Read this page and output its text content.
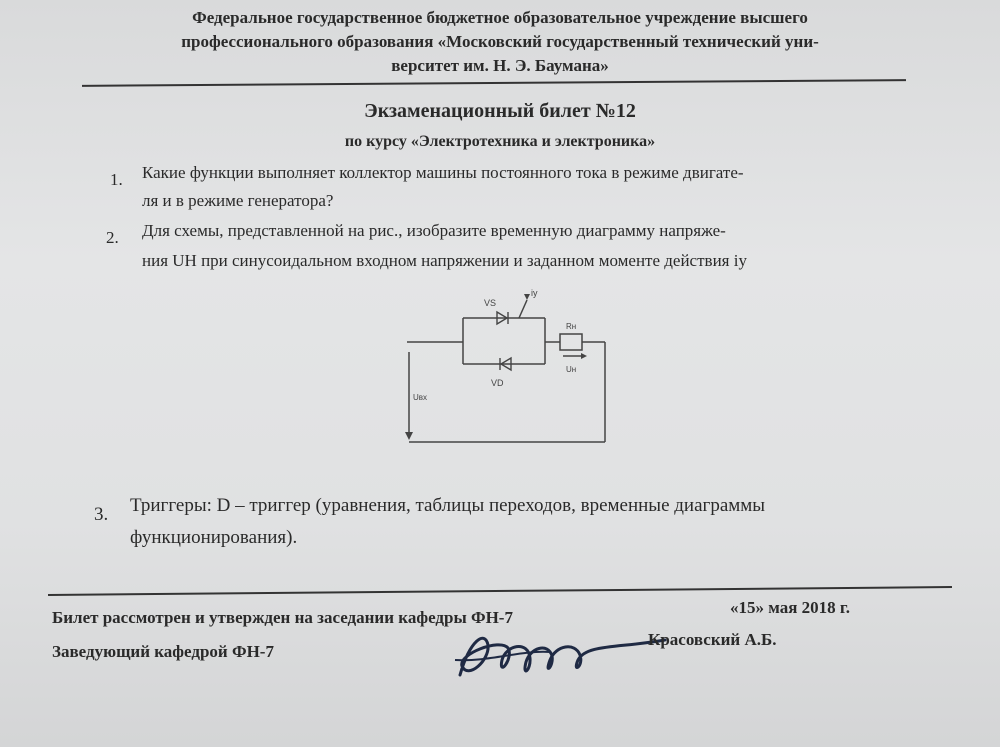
Федеральное государственное бюджетное образовательное учреждение высшего
профессионального образования «Московский государственный технический уни-
верситет им. Н. Э. Баумана»
Экзаменационный билет №12
по курсу «Электротехника и электроника»
1. Какие функции выполняет коллектор машины постоянного тока в режиме двигате-
ля и в режиме генератора?
2. Для схемы, представленной на рис., изобразите временную диаграмму напряже-
ния UН при синусоидальном входном напряжении и заданном моменте действия iу
VS
iу
VD
Rн
Uн
Uвх
3. Триггеры: D – триггер (уравнения, таблицы переходов, временные диаграммы
функционирования).
Билет рассмотрен и утвержден на заседании кафедры ФН-7
«15» мая 2018 г.
Заведующий кафедрой ФН-7
Красовский А.Б.
